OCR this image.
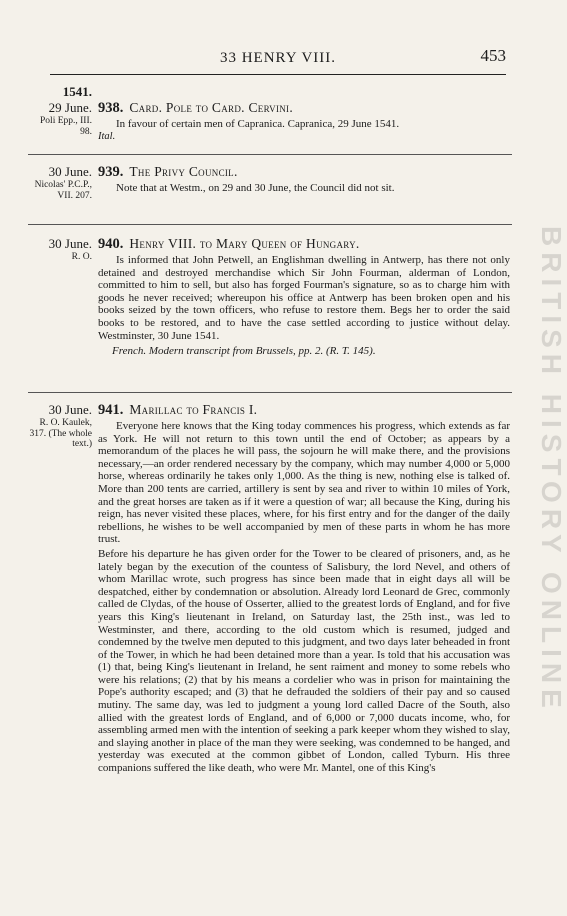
BRITISH HISTORY ONLINE
33 HENRY VIII.	453
1541.
29 June.
Poli Epp., III. 98.
938. Card. Pole to Card. Cervini.

In favour of certain men of Capranica. Capranica, 29 June 1541.

Ital.
30 June.
Nicolas' P.C.P., VII. 207.
939. The Privy Council.

Note that at Westm., on 29 and 30 June, the Council did not sit.

30 June.
R. O.
940. Henry VIII. to Mary Queen of Hungary.

Is informed that John Petwell, an Englishman dwelling in Antwerp, has there not only detained and destroyed merchandise which Sir John Fourman, alderman of London, committed to him to sell, but also has forged Fourman's signature, so as to charge him with goods he never received; whereupon his office at Antwerp has been broken open and his books seized by the town officers, who refuse to restore them. Begs her to order the said books to be restored, and to have the case settled according to justice without delay. Westminster, 30 June 1541.

French. Modern transcript from Brussels, pp. 2. (R. T. 145).
30 June.
R. O. Kaulek, 317. (The whole text.)
941. Marillac to Francis I.

Everyone here knows that the King today commences his progress, which extends as far as York. He will not return to this town until the end of October; as appears by a memorandum of the places he will pass, the sojourn he will make there, and the provisions necessary,—an order rendered necessary by the company, which may number 4,000 or 5,000 horse, whereas ordinarily he takes only 1,000. As the thing is new, nothing else is talked of. More than 200 tents are carried, artillery is sent by sea and river to within 10 miles of York, and the great horses are taken as if it were a question of war; all because the King, during his reign, has never visited these places, where, for his first entry and for the danger of the daily rebellions, he wishes to be well accompanied by men of these parts in whom he has more trust.

Before his departure he has given order for the Tower to be cleared of prisoners, and, as he lately began by the execution of the countess of Salisbury, the lord Nevel, and others of whom Marillac wrote, such progress has since been made that in eight days all will be despatched, either by condemnation or absolution. Already lord Leonard de Grec, commonly called de Clydas, of the house of Osserter, allied to the greatest lords of England, and for five years this King's lieutenant in Ireland, on Saturday last, the 25th inst., was led to Westminster, and there, according to the old custom which is resumed, judged and condemned by the twelve men deputed to this judgment, and two days later beheaded in front of the Tower, in which he had been detained more than a year. Is told that his accusation was (1) that, being King's lieutenant in Ireland, he sent raiment and money to some rebels who were his relations; (2) that by his means a cordelier who was in prison for maintaining the Pope's authority escaped; and (3) that he defrauded the soldiers of their pay and so caused mutiny. The same day, was led to judgment a young lord called Dacre of the South, also allied with the greatest lords of England, and of 6,000 or 7,000 ducats income, who, for assembling armed men with the intention of seeking a park keeper whom they wished to slay, and slaying another in place of the man they were seeking, was condemned to be hanged, and yesterday was executed at the common gibbet of London, called Tyburn. His three companions suffered the like death, who were Mr. Mantel, one of this King's
